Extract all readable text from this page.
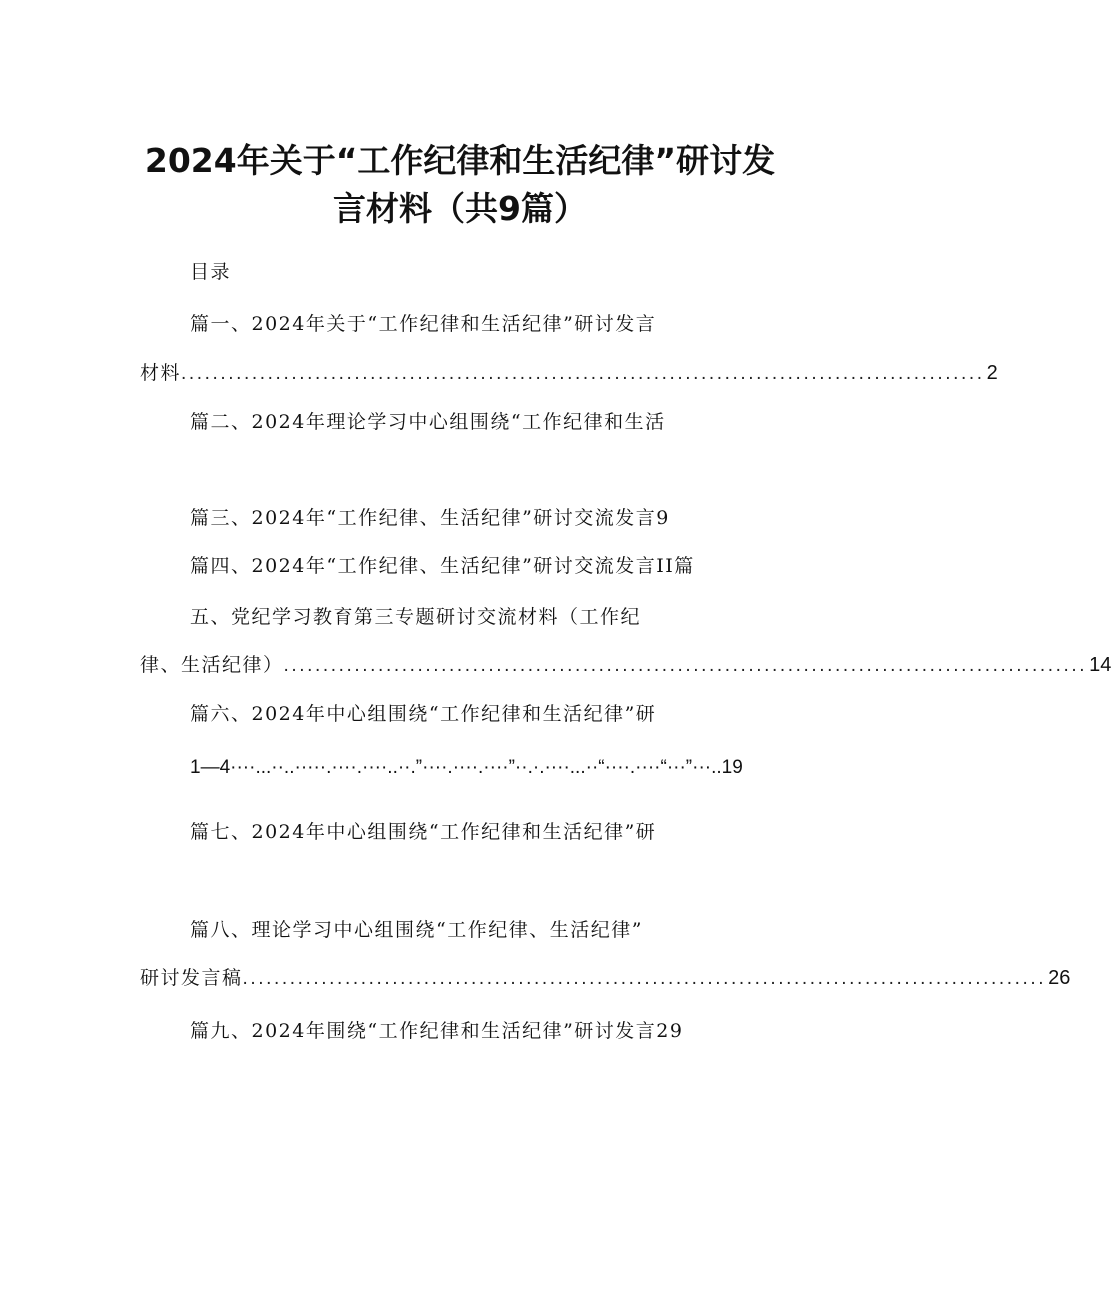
2024年关于“工作纪律和生活纪律”研讨发
言材料（共9篇）
目录
篇一、2024年关于“工作纪律和生活纪律”研讨发言
材料 ...................................................................................................... 2
篇二、2024年理论学习中心组围绕“工作纪律和生活
篇三、2024年“工作纪律、生活纪律”研讨交流发言9
篇四、2024年“工作纪律、生活纪律”研讨交流发言II篇
五、党纪学习教育第三专题研讨交流材料（工作纪
律、生活纪律） ...................................................................................................... 14
篇六、2024年中心组围绕“工作纪律和生活纪律”研
1—4····...··..·····.····.····..··.”····.····.····”··.·.····...··“····.····“···”···..19
篇七、2024年中心组围绕“工作纪律和生活纪律”研
篇八、理论学习中心组围绕“工作纪律、生活纪律”
研讨发言稿 ...................................................................................................... 26
篇九、2024年围绕“工作纪律和生活纪律”研讨发言29
